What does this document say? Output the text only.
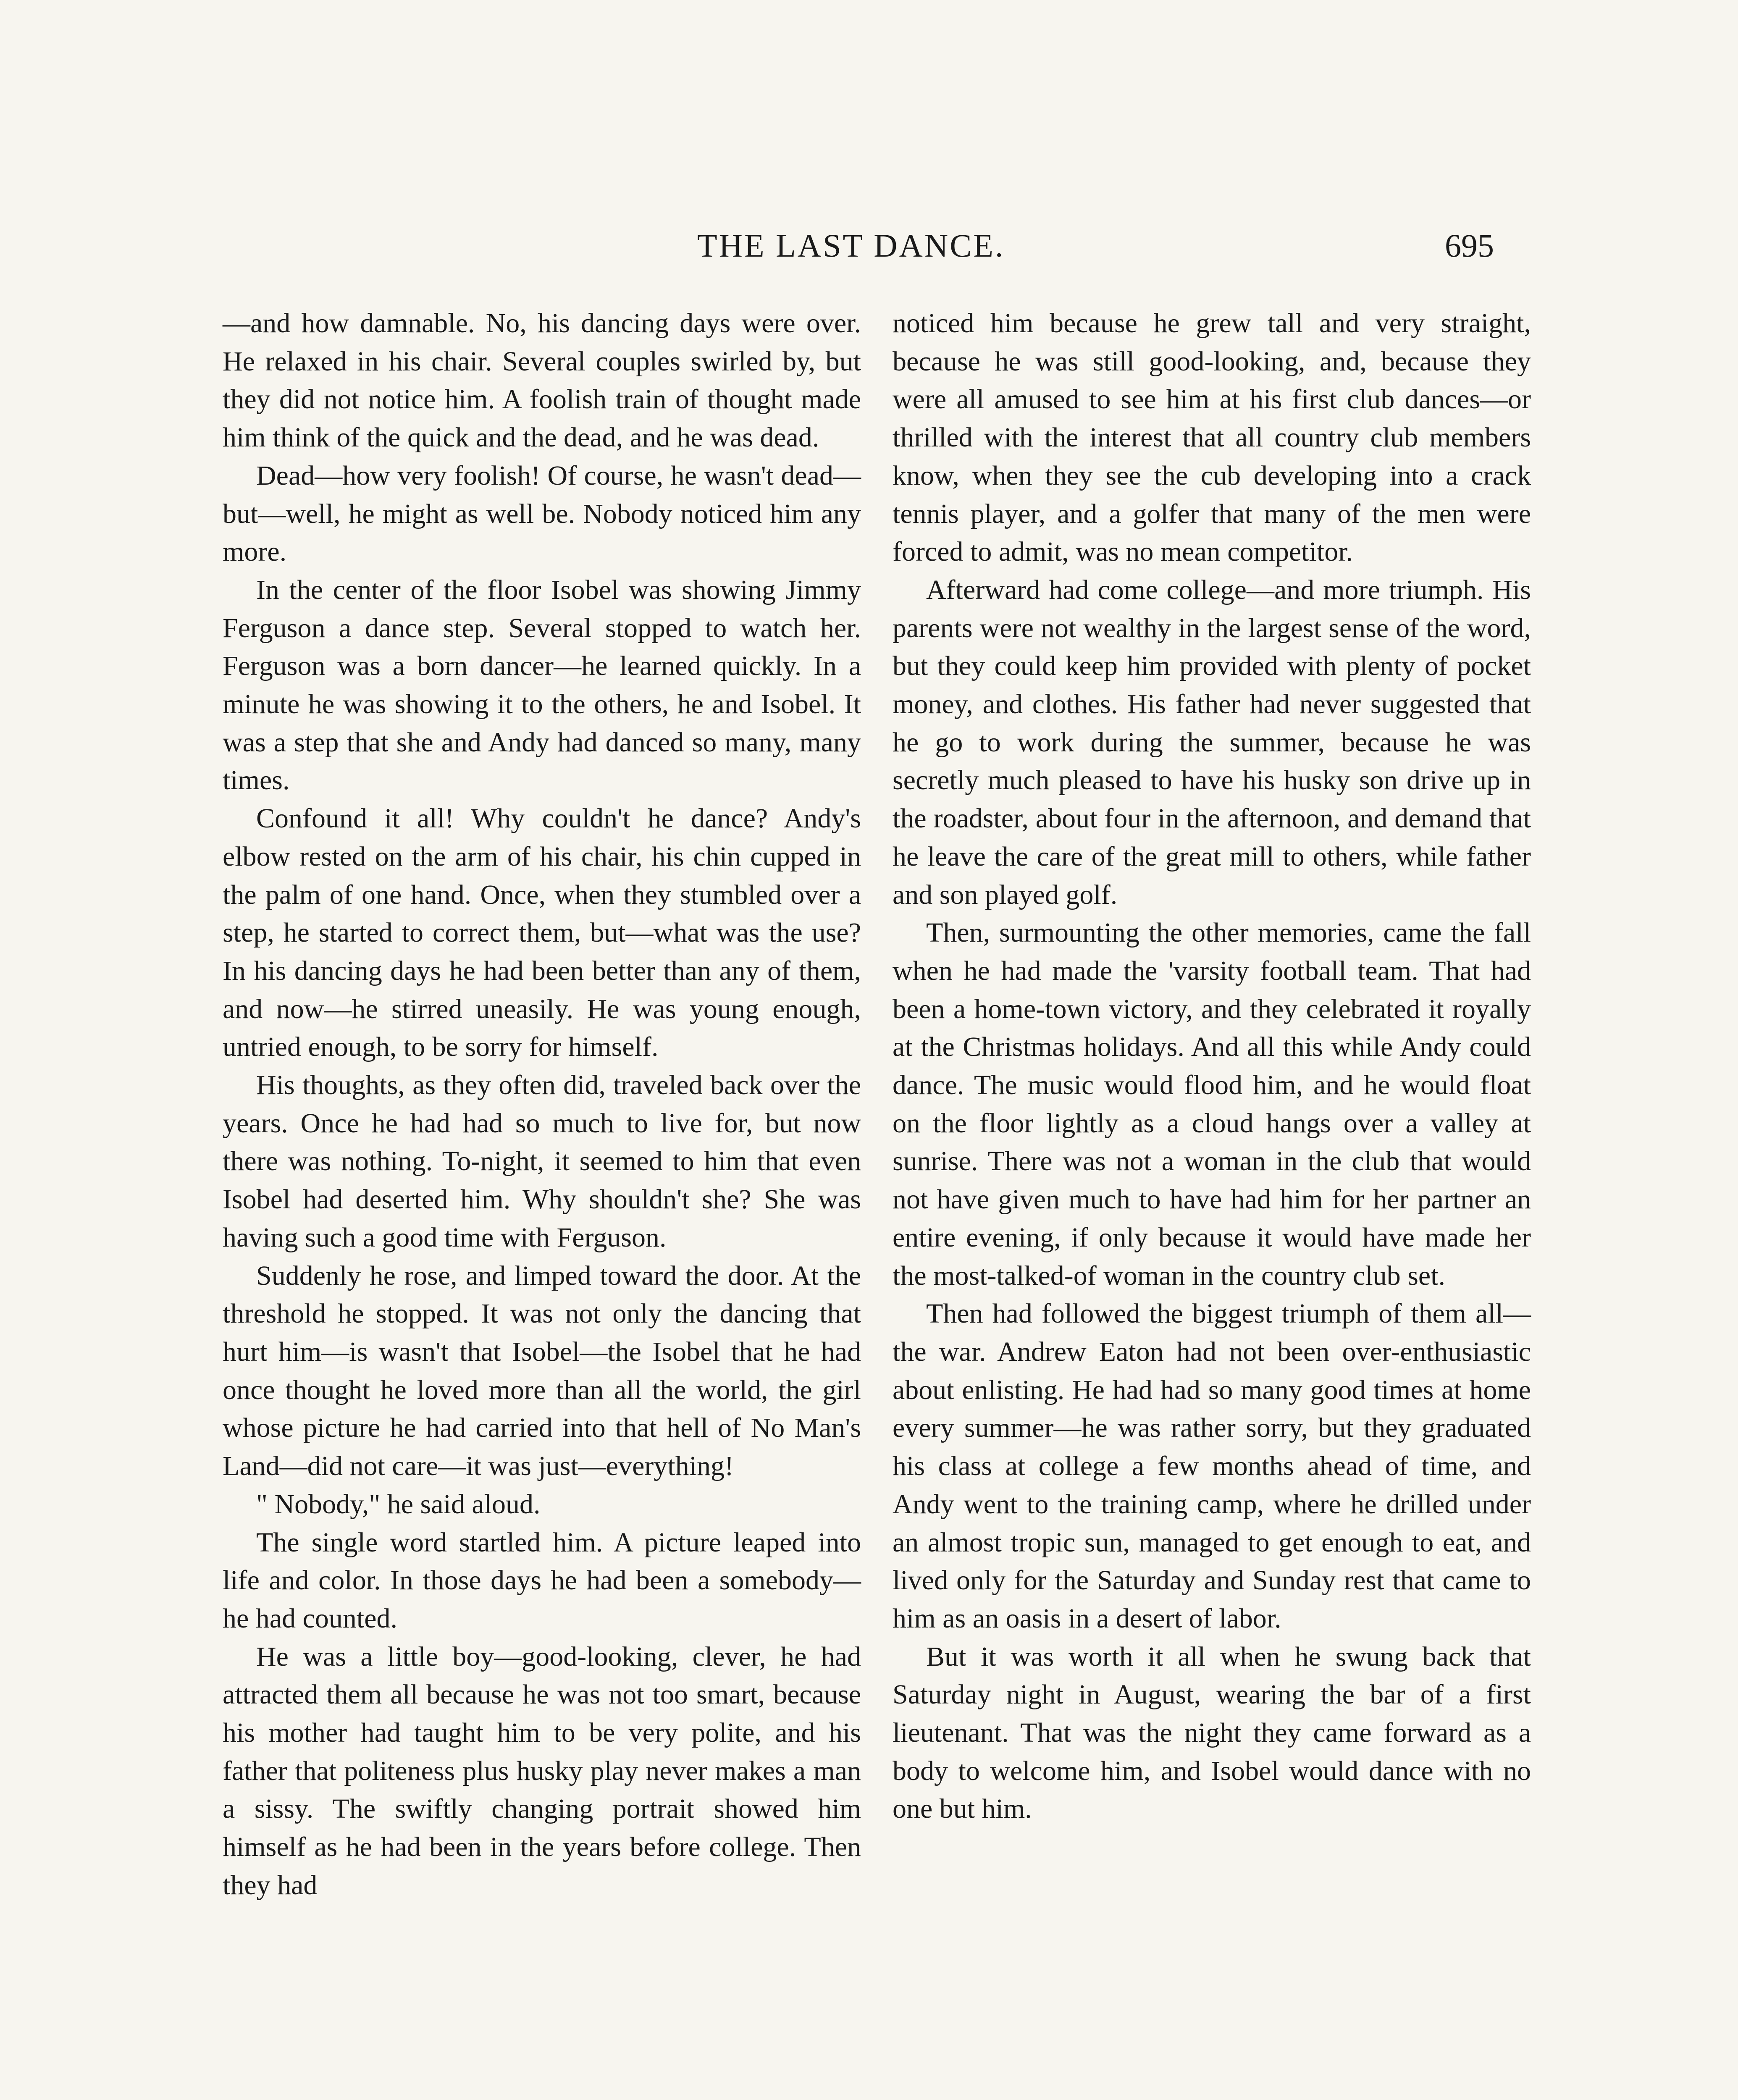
THE LAST DANCE.	695

—and how damnable. No, his dancing days were over. He relaxed in his chair. Several couples swirled by, but they did not notice him. A foolish train of thought made him think of the quick and the dead, and he was dead.

Dead—how very foolish! Of course, he wasn't dead—but—well, he might as well be. Nobody noticed him any more.

In the center of the floor Isobel was showing Jimmy Ferguson a dance step. Several stopped to watch her. Ferguson was a born dancer—he learned quickly. In a minute he was showing it to the others, he and Isobel. It was a step that she and Andy had danced so many, many times.

Confound it all! Why couldn't he dance? Andy's elbow rested on the arm of his chair, his chin cupped in the palm of one hand. Once, when they stumbled over a step, he started to correct them, but—what was the use? In his dancing days he had been better than any of them, and now—he stirred uneasily. He was young enough, untried enough, to be sorry for himself.

His thoughts, as they often did, traveled back over the years. Once he had had so much to live for, but now there was nothing. To-night, it seemed to him that even Isobel had deserted him. Why shouldn't she? She was having such a good time with Ferguson.

Suddenly he rose, and limped toward the door. At the threshold he stopped. It was not only the dancing that hurt him—is wasn't that Isobel—the Isobel that he had once thought he loved more than all the world, the girl whose picture he had carried into that hell of No Man's Land—did not care—it was just—everything!

" Nobody," he said aloud.

The single word startled him. A picture leaped into life and color. In those days he had been a somebody—he had counted.

He was a little boy—good-looking, clever, he had attracted them all because he was not too smart, because his mother had taught him to be very polite, and his father that politeness plus husky play never makes a man a sissy. The swiftly changing portrait showed him himself as he had been in the years before college. Then they had

noticed him because he grew tall and very straight, because he was still good-looking, and, because they were all amused to see him at his first club dances—or thrilled with the interest that all country club members know, when they see the cub developing into a crack tennis player, and a golfer that many of the men were forced to admit, was no mean competitor.

Afterward had come college—and more triumph. His parents were not wealthy in the largest sense of the word, but they could keep him provided with plenty of pocket money, and clothes. His father had never suggested that he go to work during the summer, because he was secretly much pleased to have his husky son drive up in the roadster, about four in the afternoon, and demand that he leave the care of the great mill to others, while father and son played golf.

Then, surmounting the other memories, came the fall when he had made the 'varsity football team. That had been a home-town victory, and they celebrated it royally at the Christmas holidays. And all this while Andy could dance. The music would flood him, and he would float on the floor lightly as a cloud hangs over a valley at sunrise. There was not a woman in the club that would not have given much to have had him for her partner an entire evening, if only because it would have made her the most-talked-of woman in the country club set.

Then had followed the biggest triumph of them all—the war. Andrew Eaton had not been over-enthusiastic about enlisting. He had had so many good times at home every summer—he was rather sorry, but they graduated his class at college a few months ahead of time, and Andy went to the training camp, where he drilled under an almost tropic sun, managed to get enough to eat, and lived only for the Saturday and Sunday rest that came to him as an oasis in a desert of labor.

But it was worth it all when he swung back that Saturday night in August, wearing the bar of a first lieutenant. That was the night they came forward as a body to welcome him, and Isobel would dance with no one but him.
